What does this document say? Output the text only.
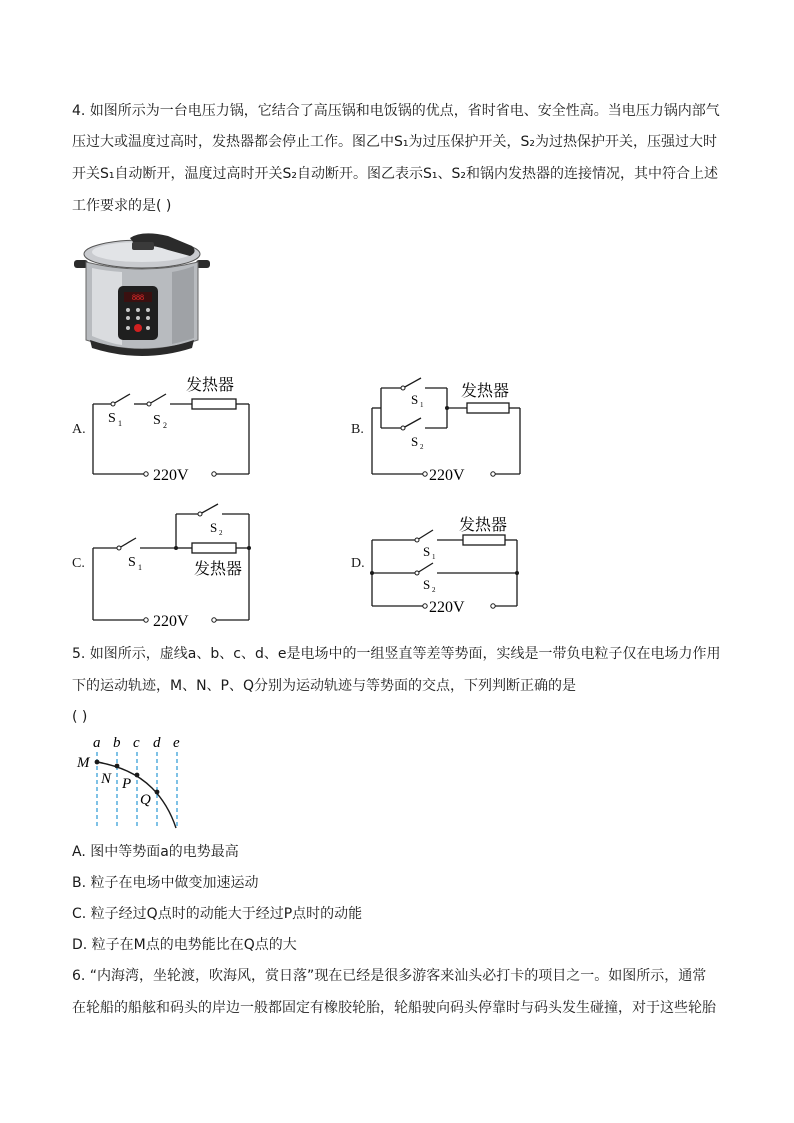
4. 如图所示为一台电压力锅，它结合了高压锅和电饭锅的优点，省时省电、安全性高。当电压力锅内部气
压过大或温度过高时，发热器都会停止工作。图乙中S₁为过压保护开关，S₂为过热保护开关，压强过大时
开关S₁自动断开，温度过高时开关S₂自动断开。图乙表示S₁、S₂和锅内发热器的连接情况，其中符合上述
工作要求的是( )
888
A.	B.
C.	D.
发热器
S 1 S 2
220V
发热器
S 1
S 2
220V
S 2
S 1	发热器
220V
发热器
S 1
S 2
220V
5. 如图所示，虚线a、b、c、d、e是电场中的一组竖直等差等势面，实线是一带负电粒子仅在电场力作用
下的运动轨迹，M、N、P、Q分别为运动轨迹与等势面的交点，下列判断正确的是
( )
a b c d e
M
N P
Q
A. 图中等势面a的电势最高
B. 粒子在电场中做变加速运动
C. 粒子经过Q点时的动能大于经过P点时的动能
D. 粒子在M点的电势能比在Q点的大
6. “内海湾，坐轮渡，吹海风，赏日落”现在已经是很多游客来汕头必打卡的项目之一。如图所示，通常
在轮船的船舷和码头的岸边一般都固定有橡胶轮胎，轮船驶向码头停靠时与码头发生碰撞，对于这些轮胎
